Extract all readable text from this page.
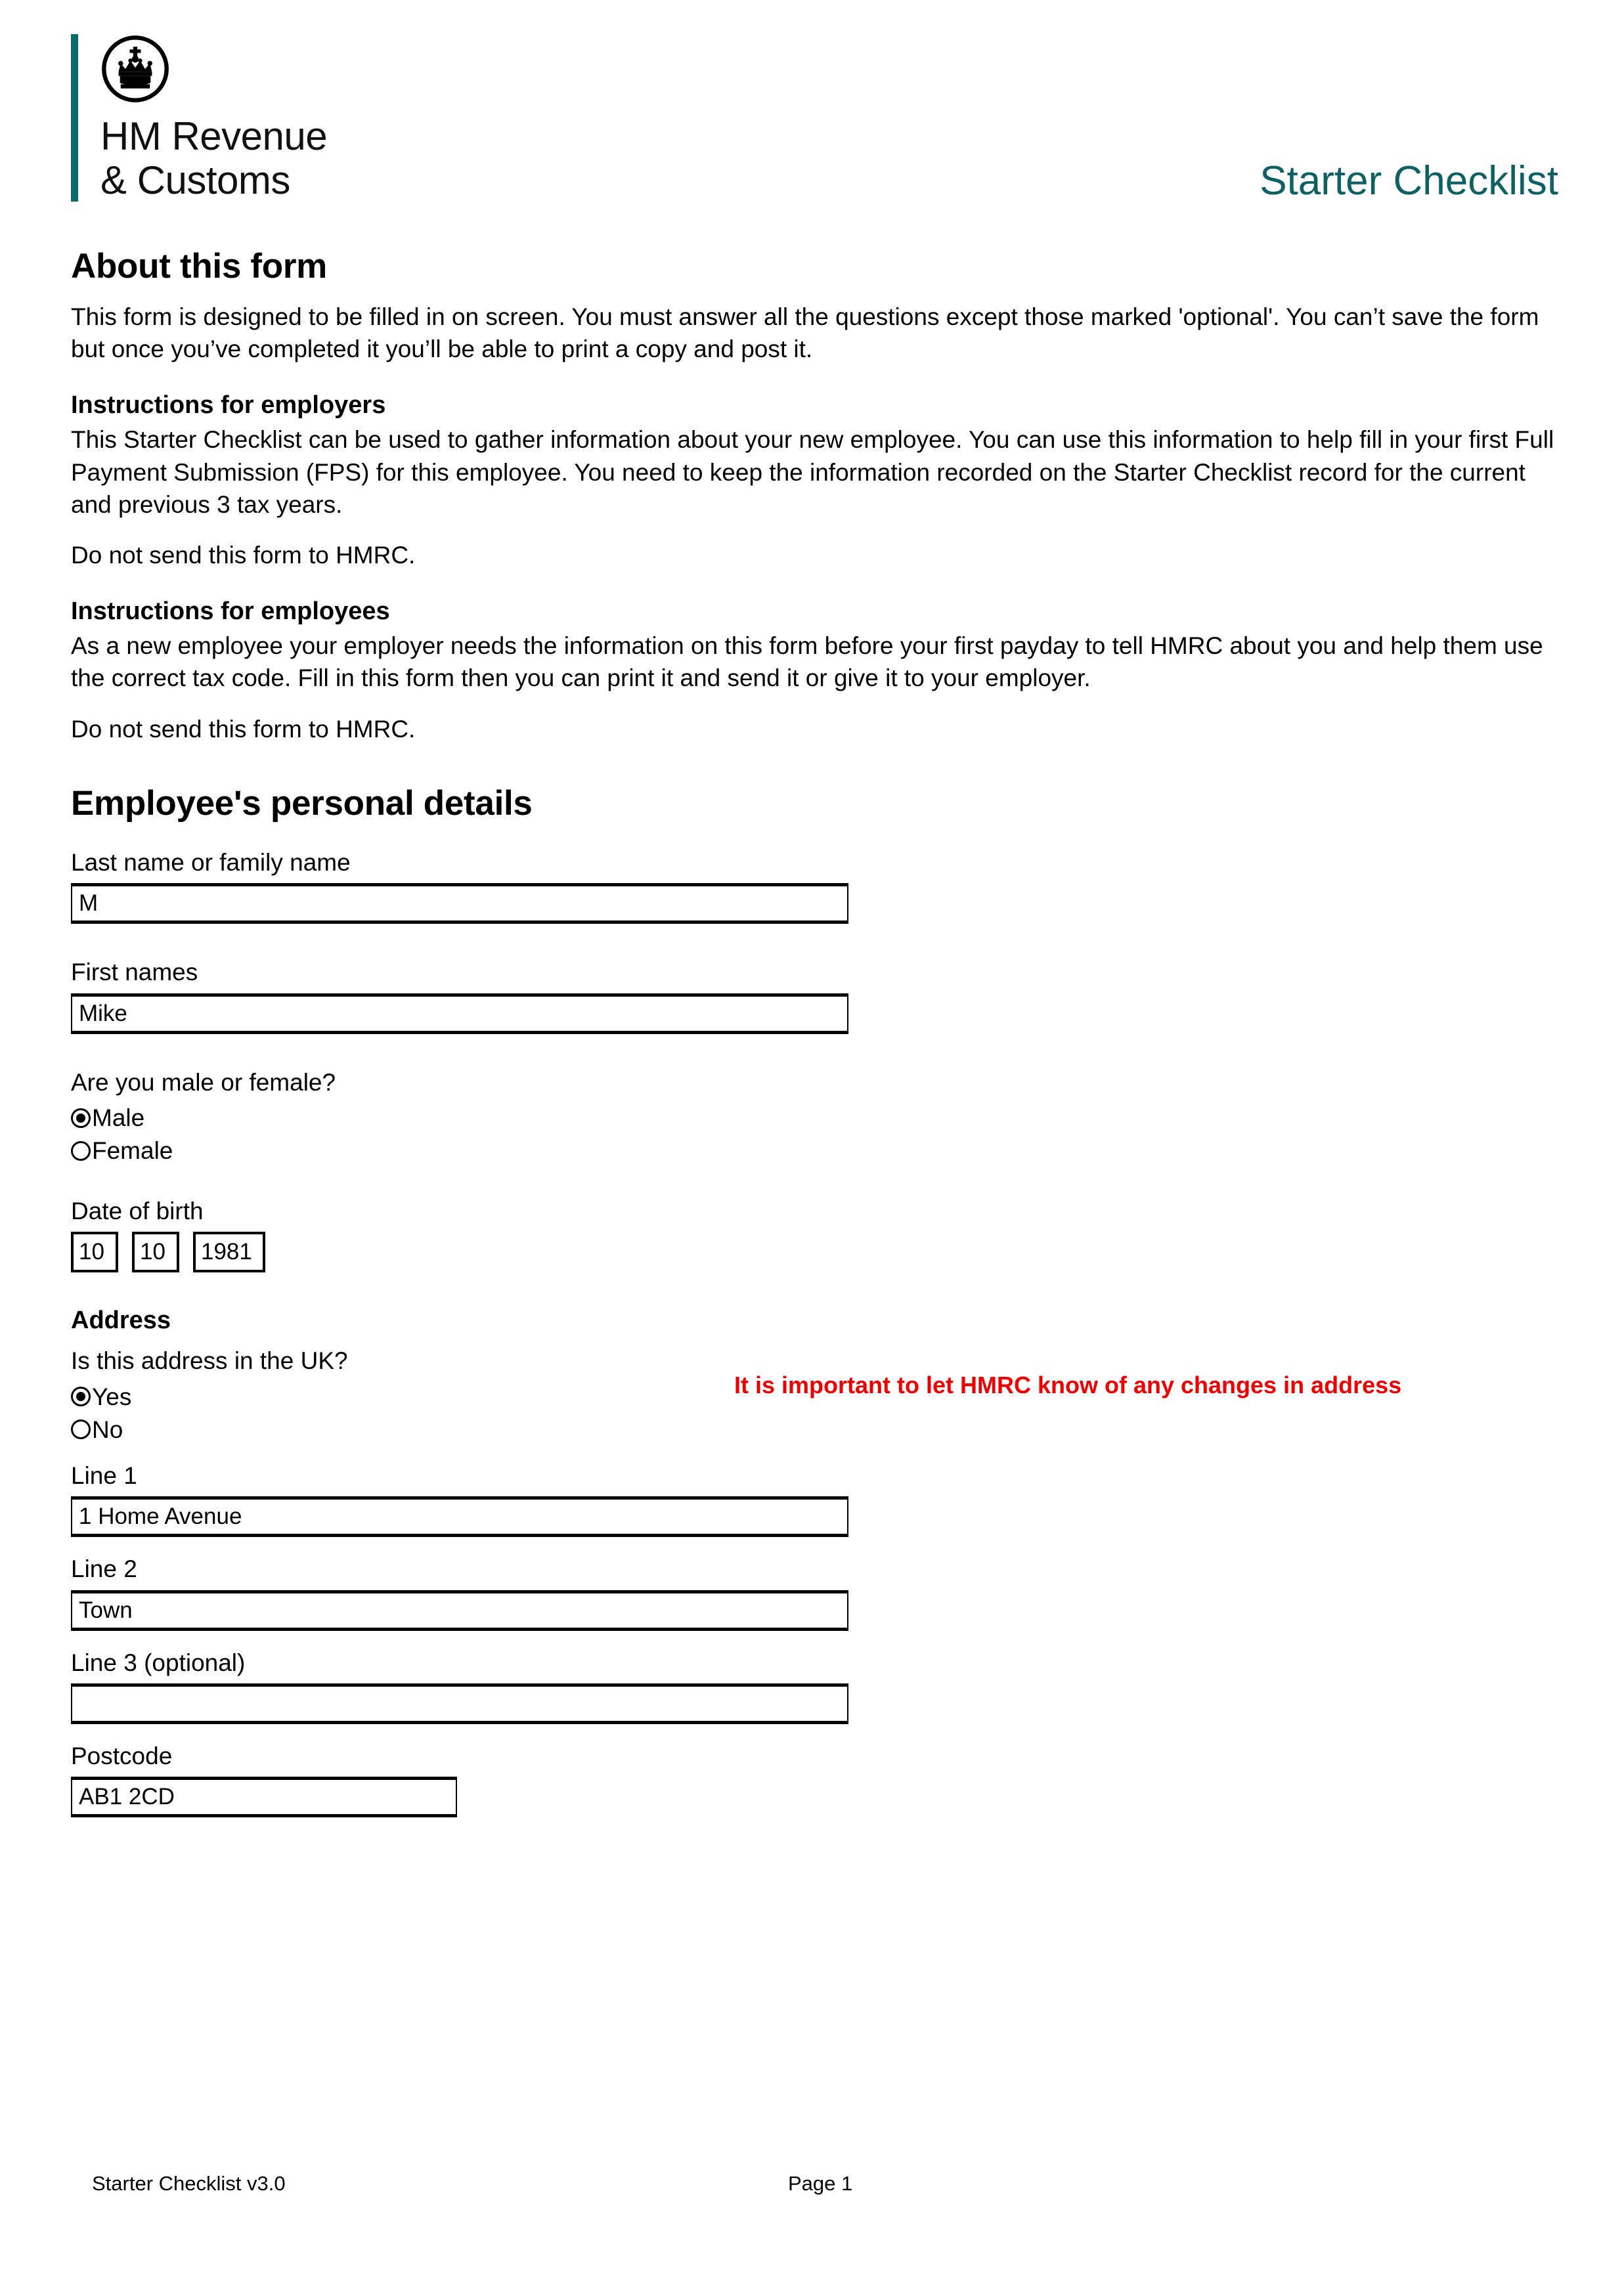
HM Revenue
& Customs	Starter Checklist
About this form

This form is designed to be filled in on screen. You must answer all the questions except those marked 'optional'. You can’t save the form but once you’ve completed it you’ll be able to print a copy and post it.

Instructions for employers

This Starter Checklist can be used to gather information about your new employee. You can use this information to help fill in your first Full Payment Submission (FPS) for this employee. You need to keep the information recorded on the Starter Checklist record for the current and previous 3 tax years.

Do not send this form to HMRC.

Instructions for employees

As a new employee your employer needs the information on this form before your first payday to tell HMRC about you and help them use the correct tax code. Fill in this form then you can print it and send it or give it to your employer.

Do not send this form to HMRC.

Employee's personal details
Last name or family name
M
First names
Mike
Are you male or female?
Male
Female
Date of birth
10	10	1981
Address
Is this address in the UK?
Yes
No
It is important to let HMRC know of any changes in address
Line 1
1 Home Avenue
Line 2
Town
Line 3 (optional)
Postcode
AB1 2CD
Starter Checklist v3.0	Page 1
